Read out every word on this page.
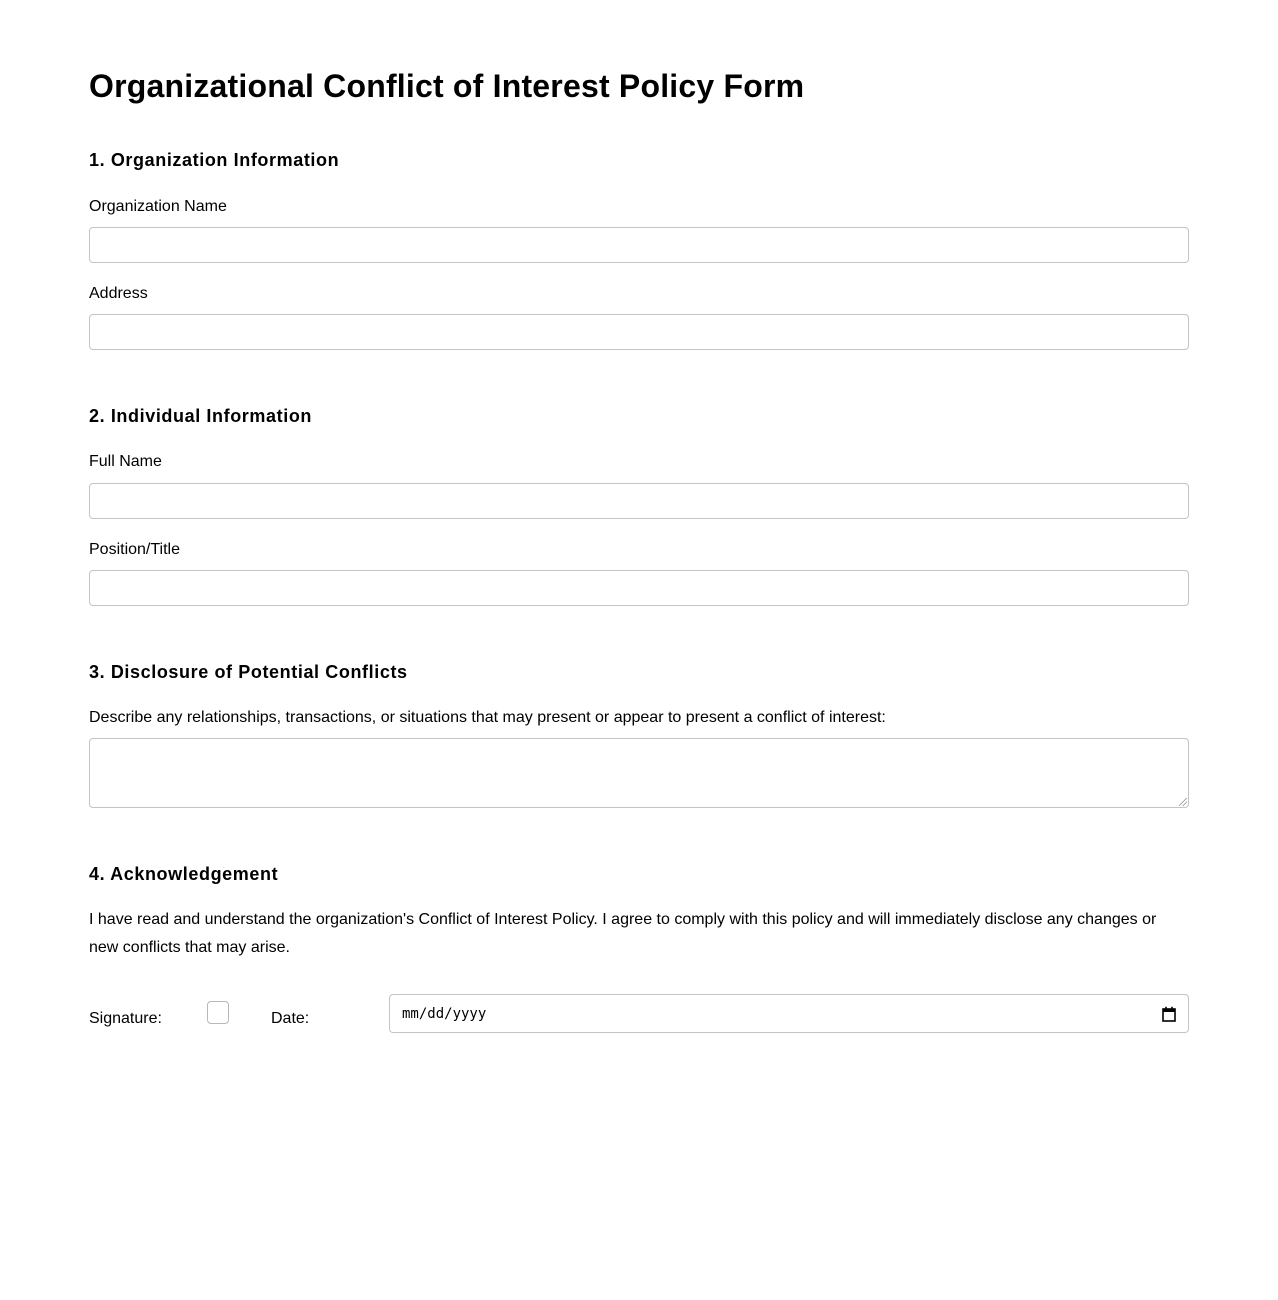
Organizational Conflict of Interest Policy Form
1. Organization Information
Organization Name
Address
2. Individual Information
Full Name
Position/Title
3. Disclosure of Potential Conflicts
Describe any relationships, transactions, or situations that may present or appear to present a conflict of interest:
4. Acknowledgement

I have read and understand the organization's Conflict of Interest Policy. I agree to comply with this policy and will immediately disclose any changes or new conflicts that may arise.

Signature:	Date:	mm/dd/yyyy
